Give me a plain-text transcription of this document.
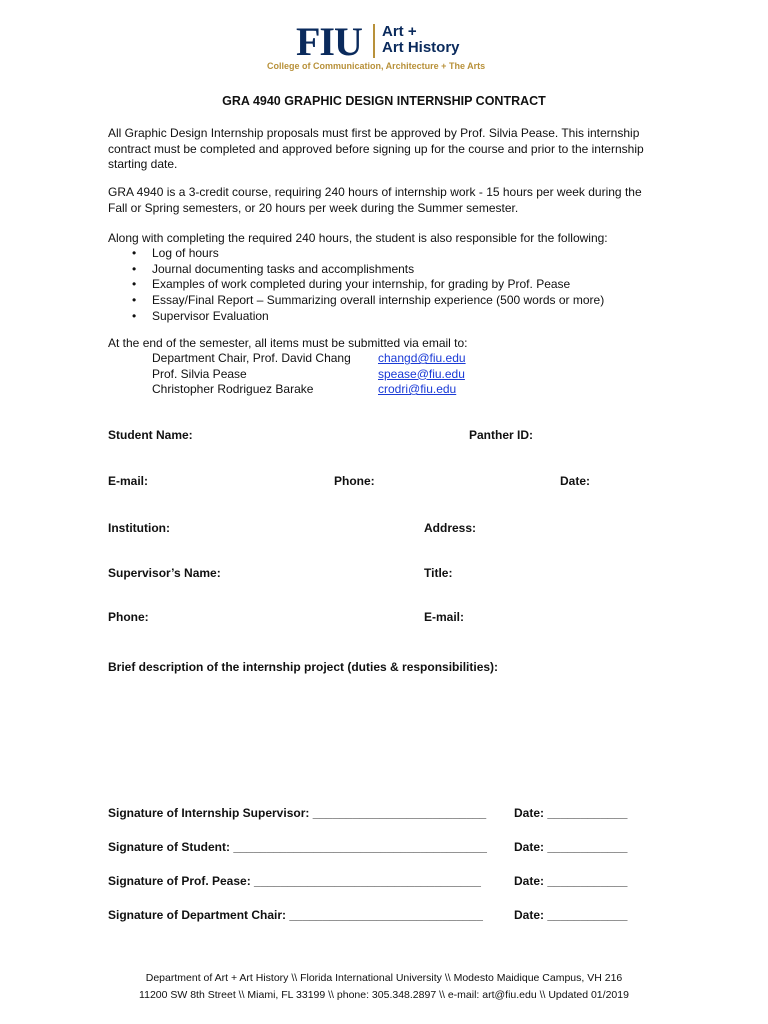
FIU Art +
Art History
College of Communication, Architecture + The Arts
GRA 4940 GRAPHIC DESIGN INTERNSHIP CONTRACT
All Graphic Design Internship proposals must first be approved by Prof. Silvia Pease. This internship contract must be completed and approved before signing up for the course and prior to the internship starting date.
GRA 4940 is a 3-credit course, requiring 240 hours of internship work - 15 hours per week during the Fall or Spring semesters, or 20 hours per week during the Summer semester.
Along with completing the required 240 hours, the student is also responsible for the following:
• Log of hours
• Journal documenting tasks and accomplishments
• Examples of work completed during your internship, for grading by Prof. Pease
• Essay/Final Report – Summarizing overall internship experience (500 words or more)
• Supervisor Evaluation
At the end of the semester, all items must be submitted via email to:
Department Chair, Prof. David Chang changd@fiu.edu
Prof. Silvia Pease	spease@fiu.edu
Christopher Rodriguez Barake	crodri@fiu.edu
Student Name:	Panther ID:
E-mail:	Phone:	Date:
Institution:	Address:
Supervisor’s Name:	Title:
Phone:	E-mail:
Brief description of the internship project (duties & responsibilities):
Signature of Internship Supervisor: __________________________ Date: ____________
Signature of Student: ______________________________________ Date: ____________
Signature of Prof. Pease: __________________________________	Date: ____________
Signature of Department Chair: _____________________________	Date: ____________
Department of Art + Art History \\ Florida International University \\ Modesto Maidique Campus, VH 216
11200 SW 8th Street \\ Miami, FL 33199 \\ phone: 305.348.2897 \\ e-mail: art@fiu.edu \\ Updated 01/2019
